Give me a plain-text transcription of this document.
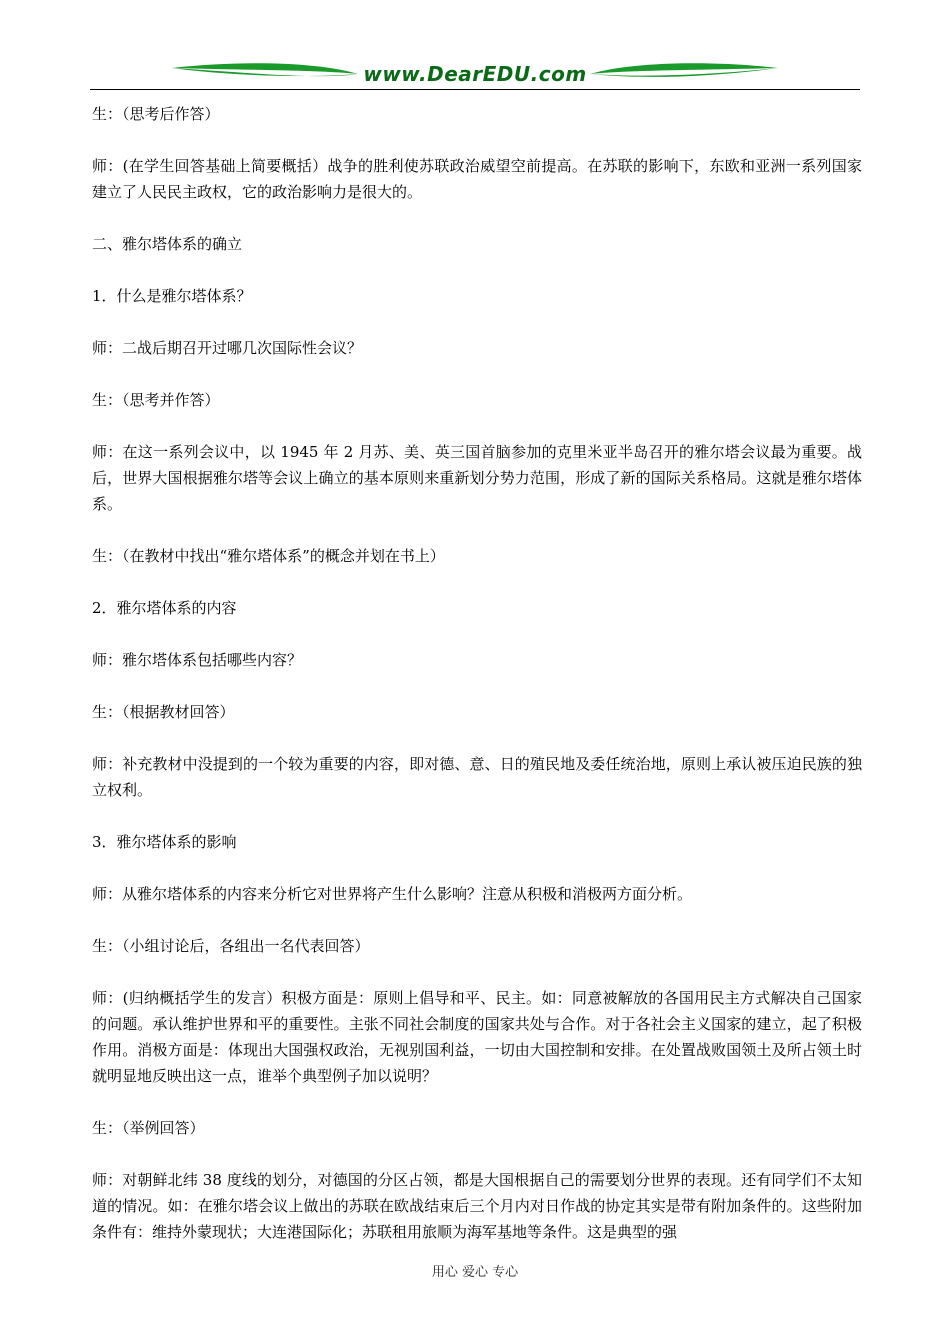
www.DearEDU.com

生：（思考后作答）

师：(在学生回答基础上简要概括）战争的胜利使苏联政治威望空前提高。在苏联的影响下，东欧和亚洲一系列国家建立了人民民主政权，它的政治影响力是很大的。

二、雅尔塔体系的确立

1．什么是雅尔塔体系？

师：二战后期召开过哪几次国际性会议？

生：（思考并作答）

师：在这一系列会议中，以 1945 年 2 月苏、美、英三国首脑参加的克里米亚半岛召开的雅尔塔会议最为重要。战后，世界大国根据雅尔塔等会议上确立的基本原则来重新划分势力范围，形成了新的国际关系格局。这就是雅尔塔体系。

生：（在教材中找出“雅尔塔体系”的概念并划在书上）

2．雅尔塔体系的内容

师：雅尔塔体系包括哪些内容？

生：（根据教材回答）

师：补充教材中没提到的一个较为重要的内容，即对德、意、日的殖民地及委任统治地，原则上承认被压迫民族的独立权利。

3．雅尔塔体系的影响

师：从雅尔塔体系的内容来分析它对世界将产生什么影响？注意从积极和消极两方面分析。

生：（小组讨论后，各组出一名代表回答）

师：(归纳概括学生的发言）积极方面是：原则上倡导和平、民主。如：同意被解放的各国用民主方式解决自己国家的问题。承认维护世界和平的重要性。主张不同社会制度的国家共处与合作。对于各社会主义国家的建立，起了积极作用。消极方面是：体现出大国强权政治，无视别国利益，一切由大国控制和安排。在处置战败国领土及所占领土时就明显地反映出这一点，谁举个典型例子加以说明？

生：（举例回答）

师：对朝鲜北纬 38 度线的划分，对德国的分区占领，都是大国根据自己的需要划分世界的表现。还有同学们不太知道的情况。如：在雅尔塔会议上做出的苏联在欧战结束后三个月内对日作战的协定其实是带有附加条件的。这些附加条件有：维持外蒙现状；大连港国际化；苏联租用旅顺为海军基地等条件。这是典型的强

用心 爱心 专心
